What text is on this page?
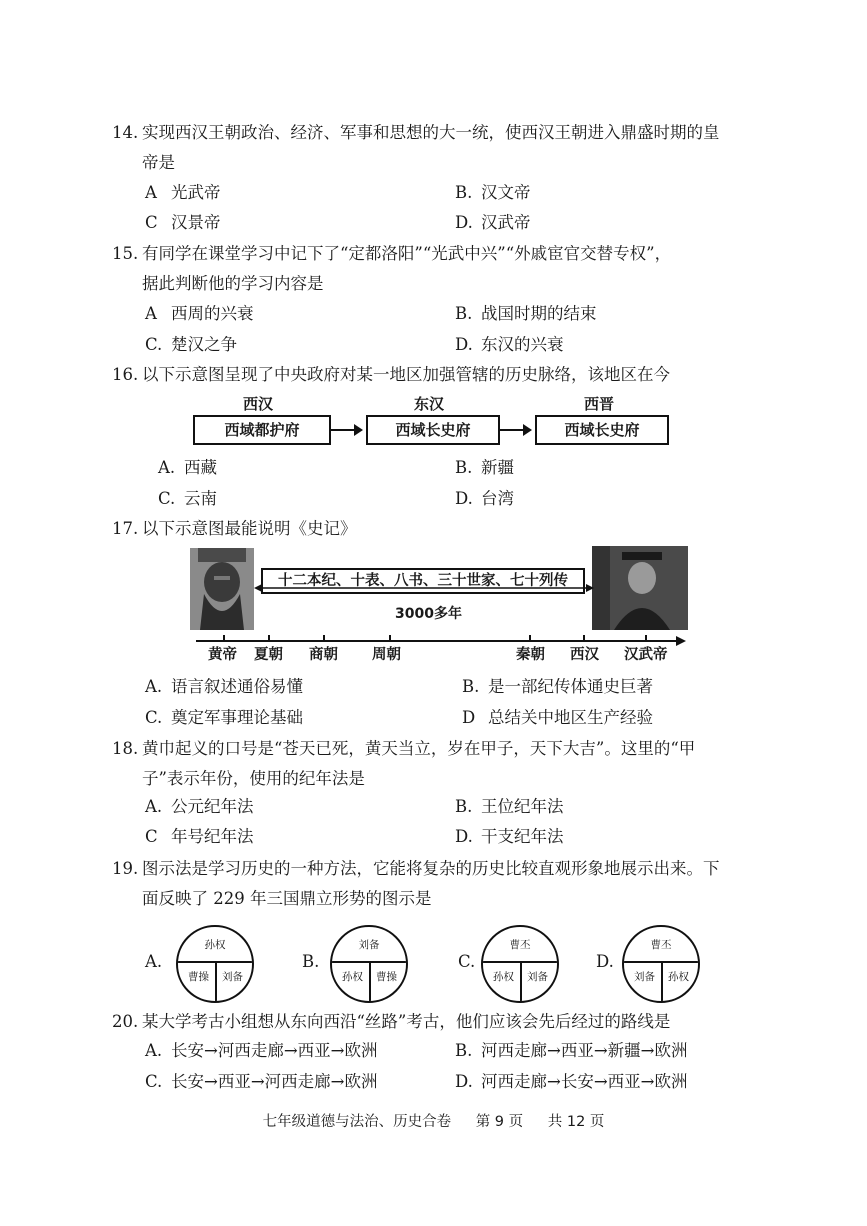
14. 实现西汉王朝政治、经济、军事和思想的大一统，使西汉王朝进入鼎盛时期的皇
帝是
A 光武帝	B. 汉文帝
C 汉景帝	D. 汉武帝
15. 有同学在课堂学习中记下了“定都洛阳”“光武中兴”“外戚宦官交替专权”，
据此判断他的学习内容是
A 西周的兴衰	B. 战国时期的结束
C. 楚汉之争	D. 东汉的兴衰
16. 以下示意图呈现了中央政府对某一地区加强管辖的历史脉络，该地区在今
西汉	东汉	西晋
西域都护府	西域长史府	西域长史府
A. 西藏	B. 新疆
C. 云南	D. 台湾
17. 以下示意图最能说明《史记》
十二本纪、十表、八书、三十世家、七十列传
3000多年
黄帝 夏朝 商朝 周朝	秦朝 西汉 汉武帝
A. 语言叙述通俗易懂	B. 是一部纪传体通史巨著
C. 奠定军事理论基础	D 总结关中地区生产经验
18. 黄巾起义的口号是“苍天已死，黄天当立，岁在甲子，天下大吉”。这里的“甲
子”表示年份，使用的纪年法是
A. 公元纪年法	B. 王位纪年法
C 年号纪年法	D. 干支纪年法
19. 图示法是学习历史的一种方法，它能将复杂的历史比较直观形象地展示出来。下
面反映了 229 年三国鼎立形势的图示是
A.
孙权
曹操	刘备
B.
刘备
孙权	曹操
C.
曹丕
孙权	刘备
D.
曹丕
刘备	孙权
20. 某大学考古小组想从东向西沿“丝路”考古，他们应该会先后经过的路线是
A. 长安→河西走廊→西亚→欧洲	B. 河西走廊→西亚→新疆→欧洲
C. 长安→西亚→河西走廊→欧洲	D. 河西走廊→长安→西亚→欧洲
七年级道德与法治、历史合卷 第 9 页 共 12 页
